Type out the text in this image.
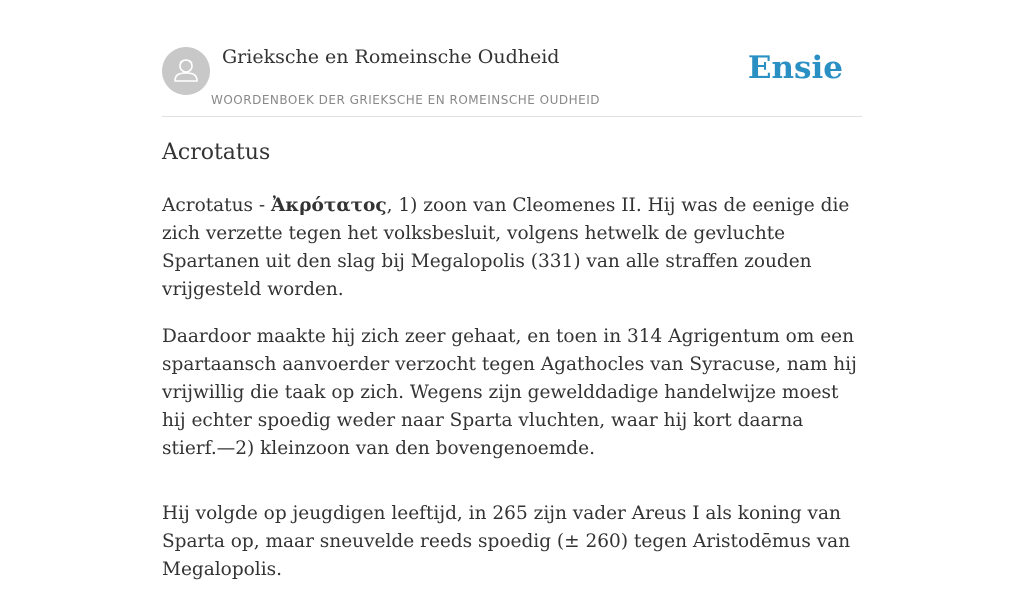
Grieksche en Romeinsche Oudheid
WOORDENBOEK DER GRIEKSCHE EN ROMEINSCHE OUDHEID
Ensie
Acrotatus

Acrotatus - Ἀκρότατος, 1) zoon van Cleomenes II. Hij was de eenige die zich verzette tegen het volksbesluit, volgens hetwelk de gevluchte Spartanen uit den slag bij Megalopolis (331) van alle straffen zouden vrijgesteld worden.

Daardoor maakte hij zich zeer gehaat, en toen in 314 Agrigentum om een spartaansch aanvoerder verzocht tegen Agathocles van Syracuse, nam hij vrijwillig die taak op zich. Wegens zijn gewelddadige handelwijze moest hij echter spoedig weder naar Sparta vluchten, waar hij kort daarna stierf.—2) kleinzoon van den bovengenoemde.

Hij volgde op jeugdigen leeftijd, in 265 zijn vader Areus I als koning van Sparta op, maar sneuvelde reeds spoedig (± 260) tegen Aristodēmus van Megalopolis.
